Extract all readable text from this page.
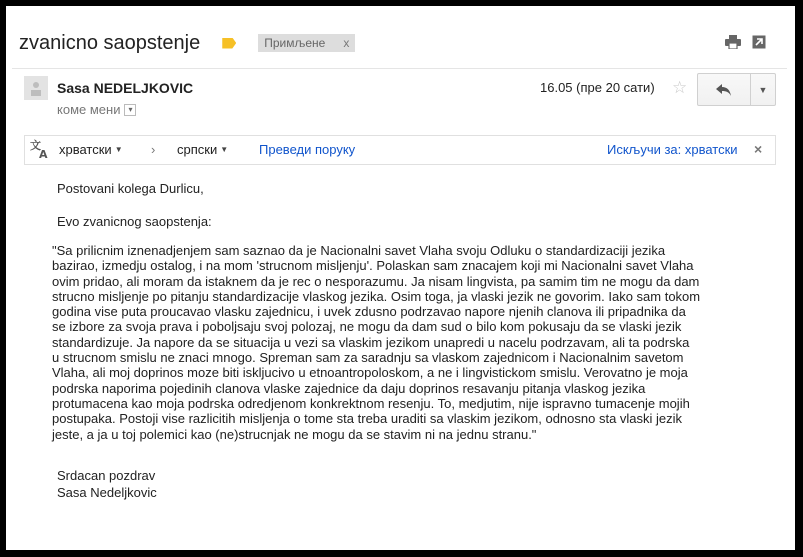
zvanicno saopstenje	Примљене x
Sasa NEDELJKOVIC
коме мени ▾
16.05 (пре 20 сати) ☆	▼
文
A хрватски ▼ › српски ▼ Преведи поруку	Искључи за: хрватски ×
Postovani kolega Durlicu,
Evo zvanicnog saopstenja:
"Sa prilicnim iznenadjenjem sam saznao da je Nacionalni savet Vlaha svoju Odluku o standardizaciji jezika
bazirao, izmedju ostalog, i na mom 'strucnom misljenju'. Polaskan sam znacajem koji mi Nacionalni savet Vlaha
ovim pridao, ali moram da istaknem da je rec o nesporazumu. Ja nisam lingvista, pa samim tim ne mogu da dam
strucno misljenje po pitanju standardizacije vlaskog jezika. Osim toga, ja vlaski jezik ne govorim. Iako sam tokom
godina vise puta proucavao vlasku zajednicu, i uvek zdusno podrzavao napore njenih clanova ili pripadnika da
se izbore za svoja prava i poboljsaju svoj polozaj, ne mogu da dam sud o bilo kom pokusaju da se vlaski jezik
standardizuje. Ja napore da se situacija u vezi sa vlaskim jezikom unapredi u nacelu podrzavam, ali ta podrska
u strucnom smislu ne znaci mnogo. Spreman sam za saradnju sa vlaskom zajednicom i Nacionalnim savetom
Vlaha, ali moj doprinos moze biti iskljucivo u etnoantropoloskom, a ne i lingvistickom smislu. Verovatno je moja
podrska naporima pojedinih clanova vlaske zajednice da daju doprinos resavanju pitanja vlaskog jezika
protumacena kao moja podrska odredjenom konkrektnom resenju. To, medjutim, nije ispravno tumacenje mojih
postupaka. Postoji vise razlicitih misljenja o tome sta treba uraditi sa vlaskim jezikom, odnosno sta vlaski jezik
jeste, a ja u toj polemici kao (ne)strucnjak ne mogu da se stavim ni na jednu stranu."
Srdacan pozdrav
Sasa Nedeljkovic
